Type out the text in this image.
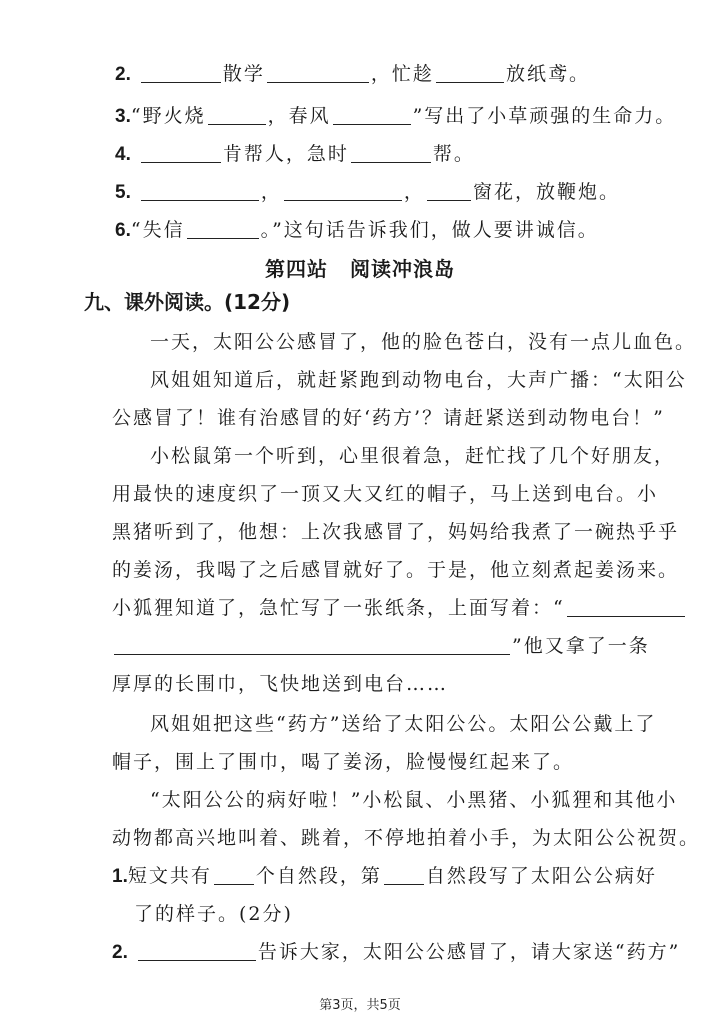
2.	散学	，忙趁	放纸鸢。
3.“野火烧	，春风	”写出了小草顽强的生命力。
4.	肯帮人，急时	帮。
5.	，	，	窗花，放鞭炮。
6.“失信	。”这句话告诉我们，做人要讲诚信。
第四站 阅读冲浪岛
九、课外阅读。(12分)
一天，太阳公公感冒了，他的脸色苍白，没有一点儿血色。
风姐姐知道后，就赶紧跑到动物电台，大声广播：“太阳公
公感冒了！谁有治感冒的好‘药方’？请赶紧送到动物电台！”
小松鼠第一个听到，心里很着急，赶忙找了几个好朋友，
用最快的速度织了一顶又大又红的帽子，马上送到电台。小
黑猪听到了，他想：上次我感冒了，妈妈给我煮了一碗热乎乎
的姜汤，我喝了之后感冒就好了。于是，他立刻煮起姜汤来。
小狐狸知道了，急忙写了一张纸条，上面写着：“
”他又拿了一条
厚厚的长围巾，飞快地送到电台……
风姐姐把这些“药方”送给了太阳公公。太阳公公戴上了
帽子，围上了围巾，喝了姜汤，脸慢慢红起来了。
“太阳公公的病好啦！”小松鼠、小黑猪、小狐狸和其他小
动物都高兴地叫着、跳着，不停地拍着小手，为太阳公公祝贺。
1.短文共有 个自然段，第 自然段写了太阳公公病好
了的样子。(2分)
2.	告诉大家，太阳公公感冒了，请大家送“药方”
第3页，共5页
